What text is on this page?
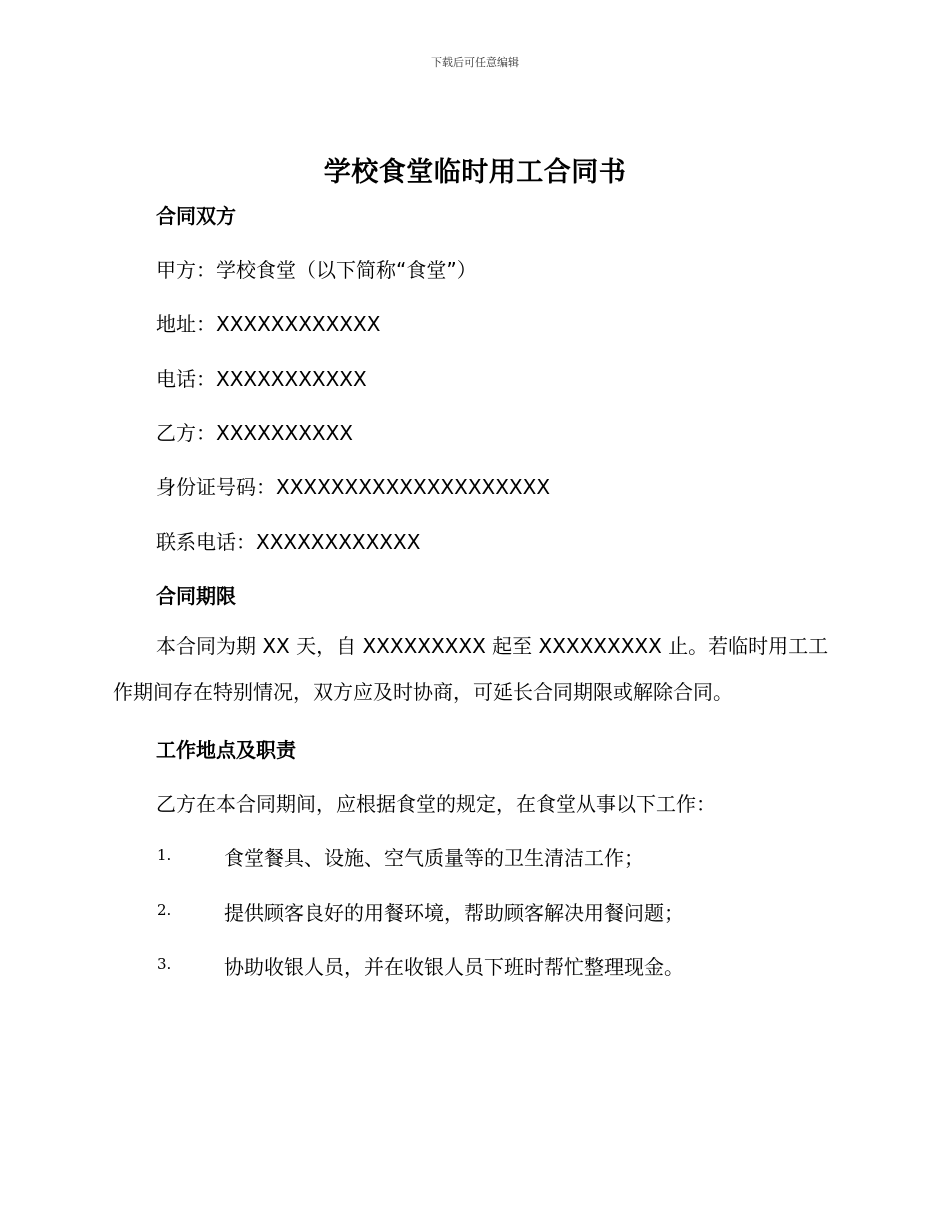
下载后可任意编辑
学校食堂临时用工合同书
合同双方
甲方：学校食堂（以下简称“食堂”）
地址：XXXXXXXXXXXX
电话：XXXXXXXXXXX
乙方：XXXXXXXXXX
身份证号码：XXXXXXXXXXXXXXXXXXXX
联系电话：XXXXXXXXXXXX
合同期限
本合同为期 XX 天，自 XXXXXXXXX 起至 XXXXXXXXX 止。若临时用工工作期间存在特别情况，双方应及时协商，可延长合同期限或解除合同。
工作地点及职责
乙方在本合同期间，应根据食堂的规定，在食堂从事以下工作：
1.	食堂餐具、设施、空气质量等的卫生清洁工作；
2.	提供顾客良好的用餐环境，帮助顾客解决用餐问题；
3.	协助收银人员，并在收银人员下班时帮忙整理现金。
